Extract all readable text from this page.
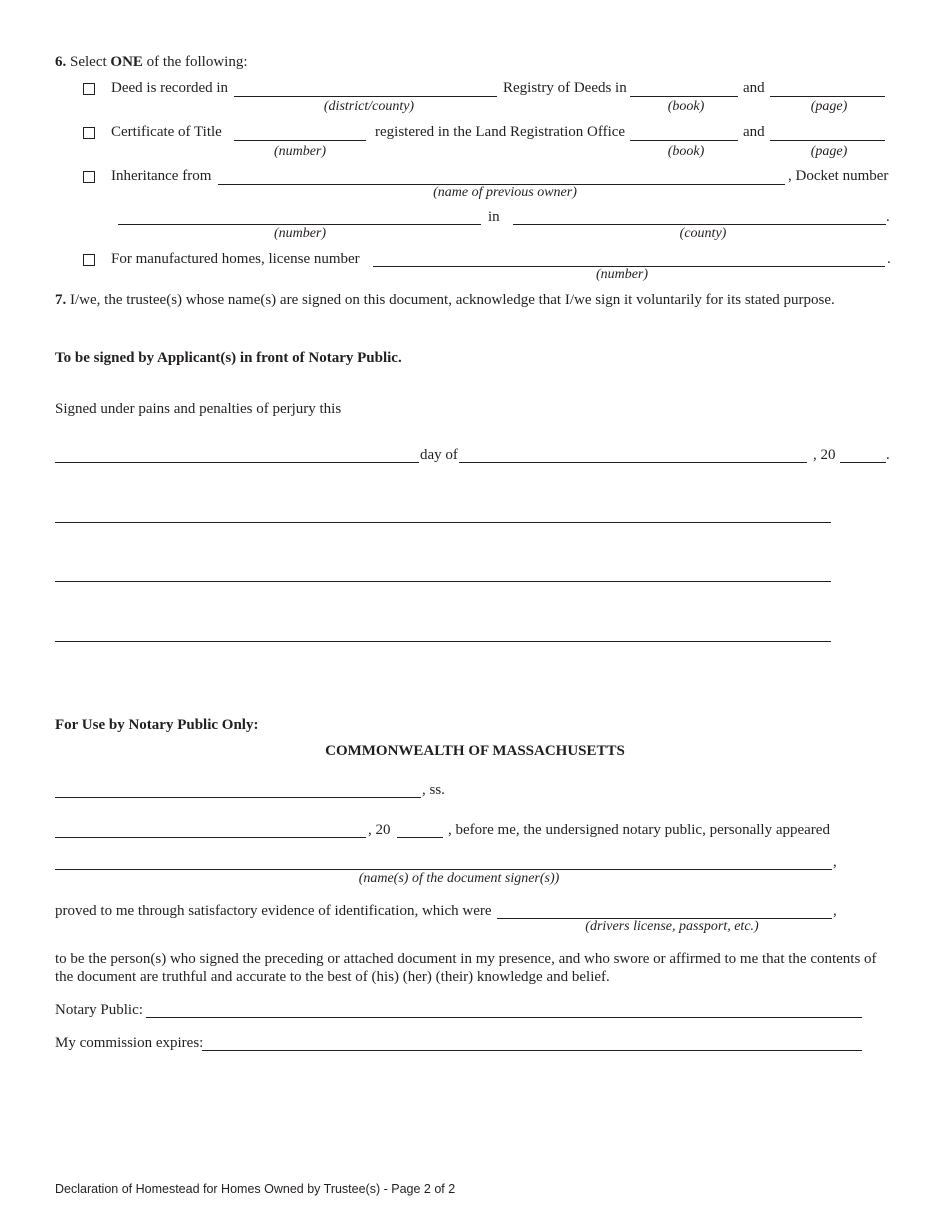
6. Select ONE of the following:
Deed is recorded in	Registry of Deeds in	and
(district/county)	(book)	(page)
Certificate of Title	registered in the Land Registration Office	and
(number)	(book)	(page)
Inheritance from	, Docket number
(name of previous owner)
in	.
(number)	(county)
For manufactured homes, license number	.
(number)
7. I/we, the trustee(s) whose name(s) are signed on this document, acknowledge that I/we sign it voluntarily for its stated purpose.
To be signed by Applicant(s) in front of Notary Public.
Signed under pains and penalties of perjury this
day of	, 20	.
For Use by Notary Public Only:
COMMONWEALTH OF MASSACHUSETTS
, ss.
, 20	, before me, the undersigned notary public, personally appeared
,
(name(s) of the document signer(s))
proved to me through satisfactory evidence of identification, which were	,
(drivers license, passport, etc.)
to be the person(s) who signed the preceding or attached document in my presence, and who swore or affirmed to me that the contents of
the document are truthful and accurate to the best of (his) (her) (their) knowledge and belief.
Notary Public:
My commission expires:
Declaration of Homestead for Homes Owned by Trustee(s) - Page 2 of 2
